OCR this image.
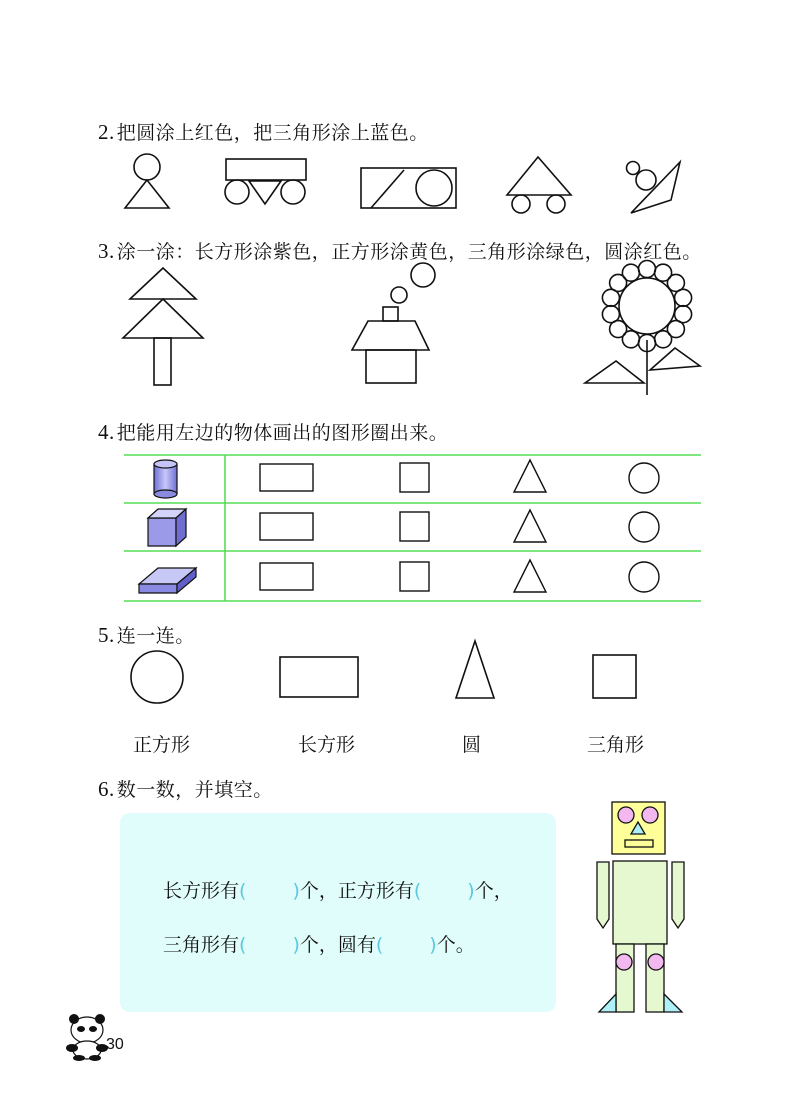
2. 把圆涂上红色，把三角形涂上蓝色。
3. 涂一涂：长方形涂紫色，正方形涂黄色，三角形涂绿色，圆涂红色。
4. 把能用左边的物体画出的图形圈出来。
5. 连一连。
正方形	长方形	圆	三角形
6. 数一数，并填空。
长方形有( )个，正方形有( )个，
三角形有( )个，圆有( )个。
30
